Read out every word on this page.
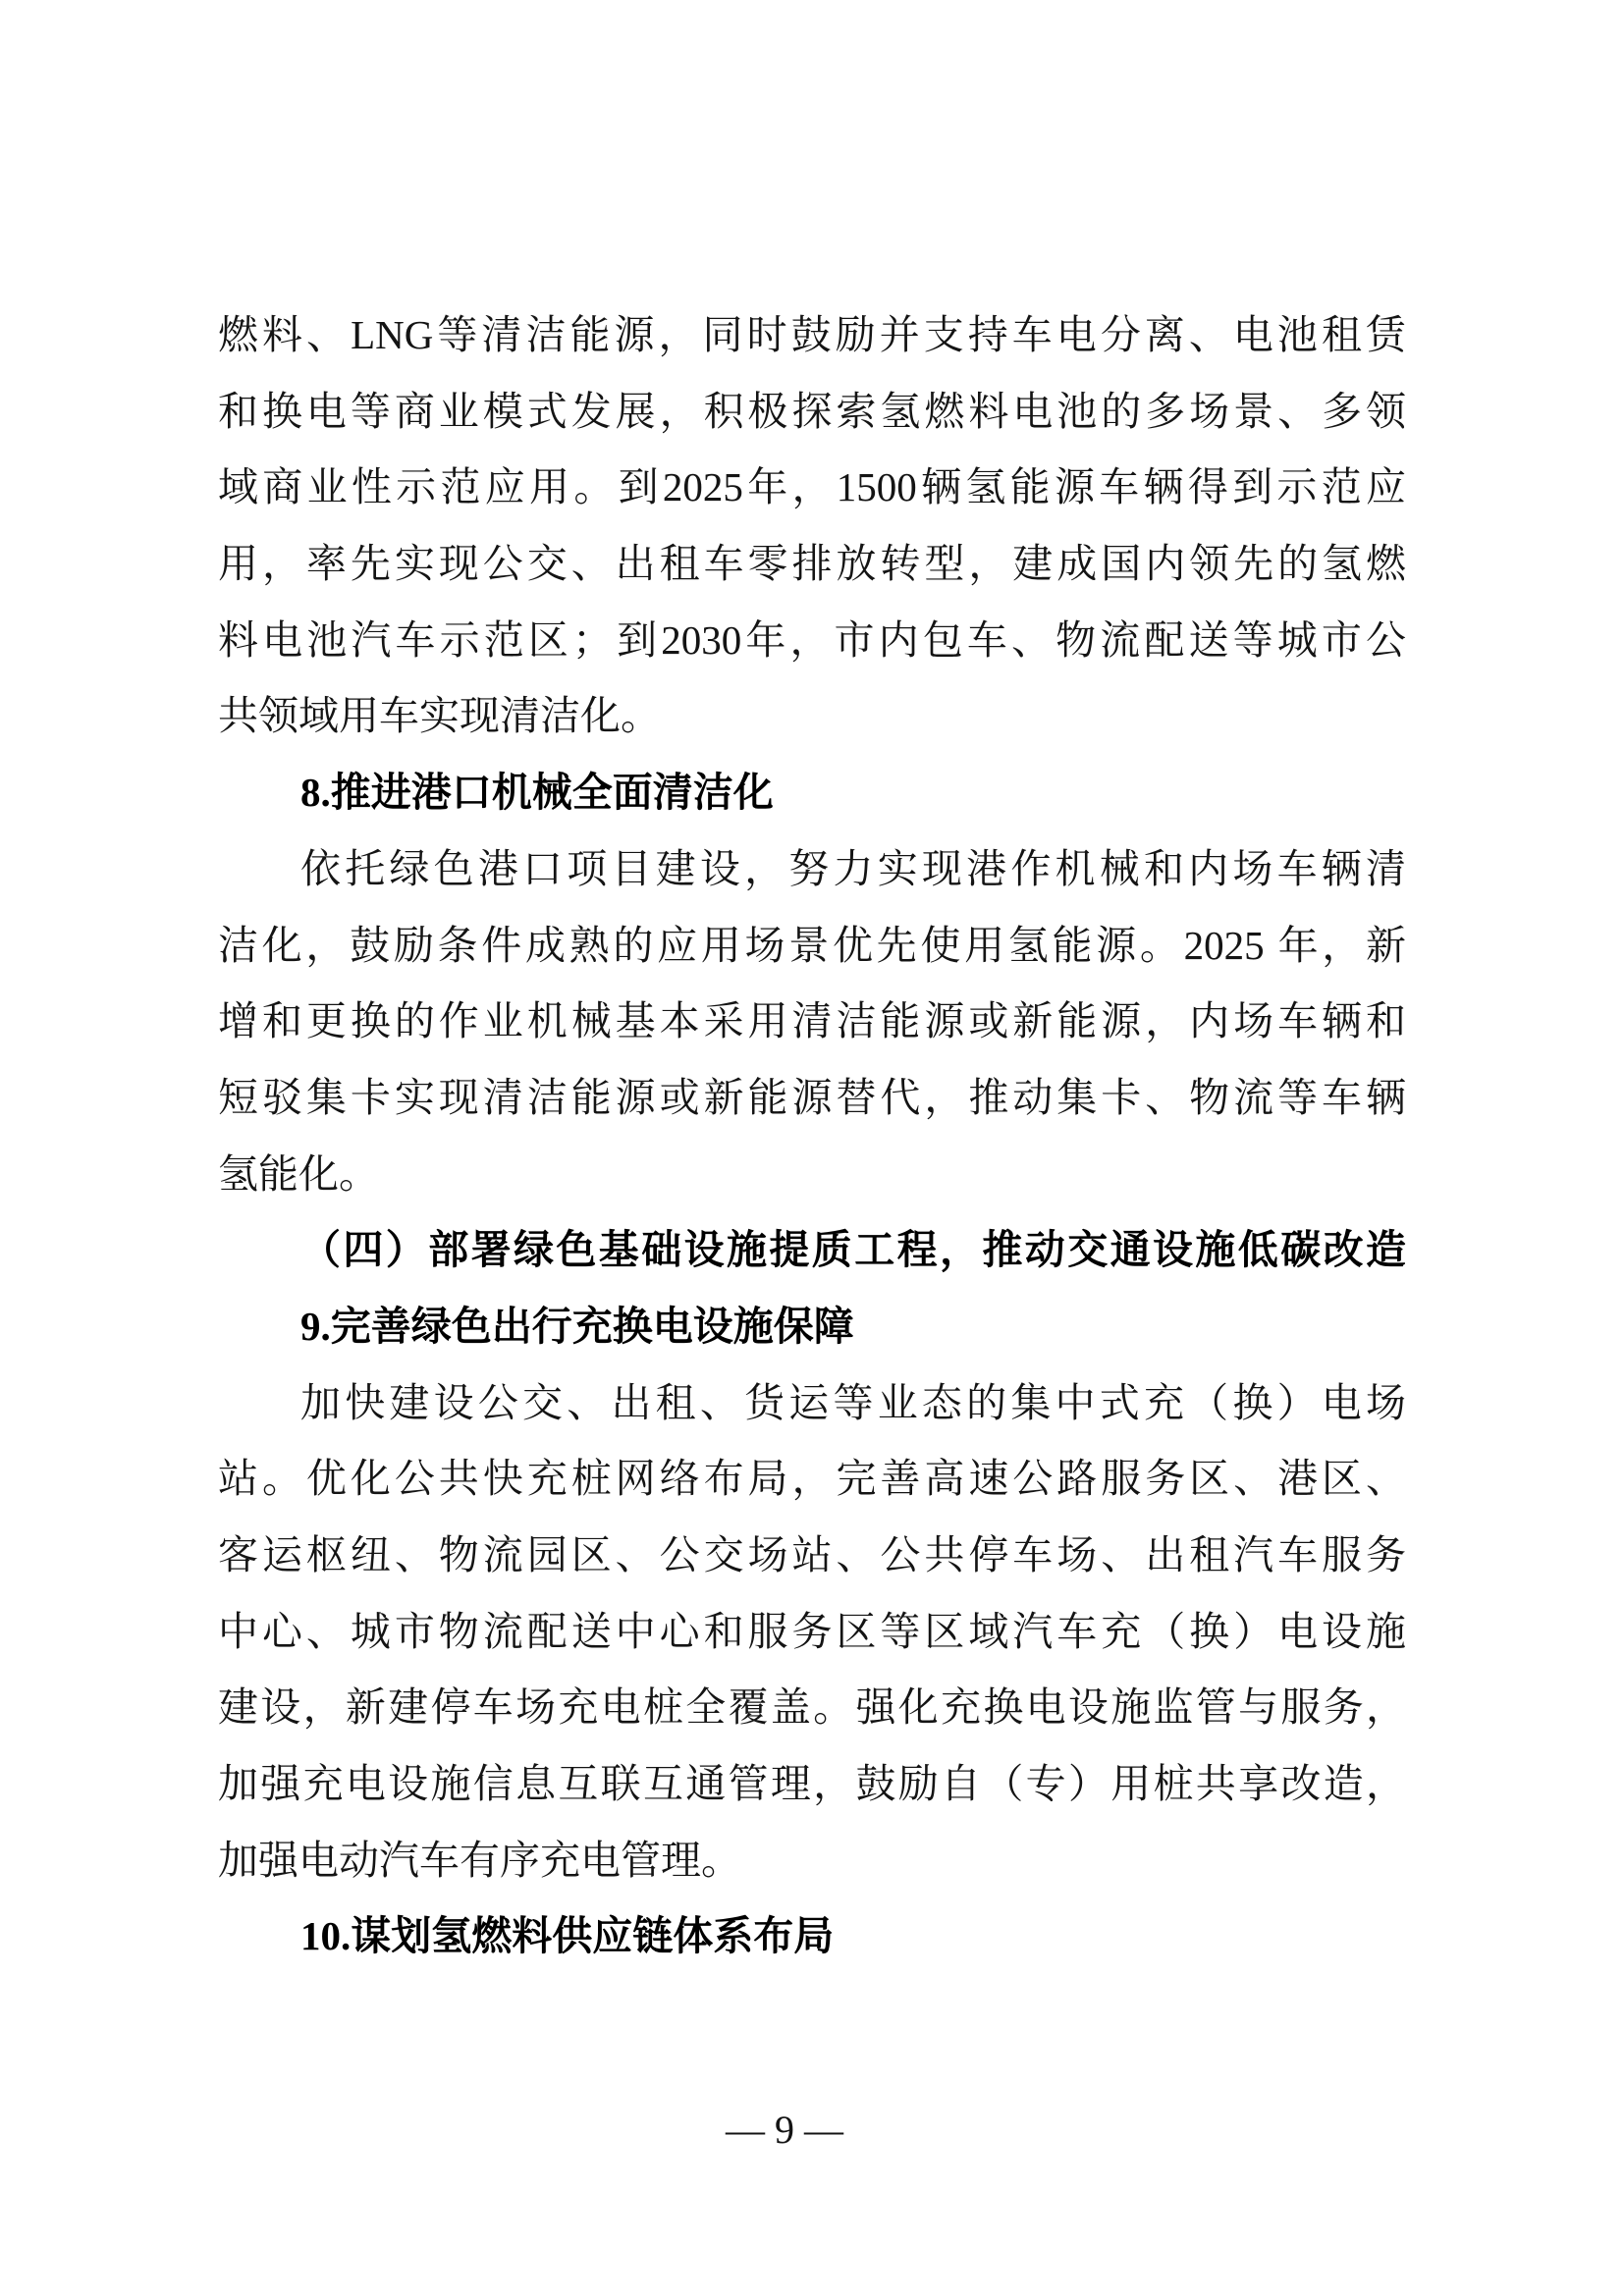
燃料、LNG等清洁能源，同时鼓励并支持车电分离、电池租赁
和换电等商业模式发展，积极探索氢燃料电池的多场景、多领
域商业性示范应用。到2025年，1500辆氢能源车辆得到示范应
用，率先实现公交、出租车零排放转型，建成国内领先的氢燃
料电池汽车示范区；到2030年，市内包车、物流配送等城市公
共领域用车实现清洁化。
8.推进港口机械全面清洁化
依托绿色港口项目建设，努力实现港作机械和内场车辆清
洁化，鼓励条件成熟的应用场景优先使用氢能源。2025 年，新
增和更换的作业机械基本采用清洁能源或新能源，内场车辆和
短驳集卡实现清洁能源或新能源替代，推动集卡、物流等车辆
氢能化。
（四）部署绿色基础设施提质工程，推动交通设施低碳改造
9.完善绿色出行充换电设施保障
加快建设公交、出租、货运等业态的集中式充（换）电场
站。优化公共快充桩网络布局，完善高速公路服务区、港区、
客运枢纽、物流园区、公交场站、公共停车场、出租汽车服务
中心、城市物流配送中心和服务区等区域汽车充（换）电设施
建设，新建停车场充电桩全覆盖。强化充换电设施监管与服务，
加强充电设施信息互联互通管理，鼓励自（专）用桩共享改造，
加强电动汽车有序充电管理。
10.谋划氢燃料供应链体系布局
— 9 —
